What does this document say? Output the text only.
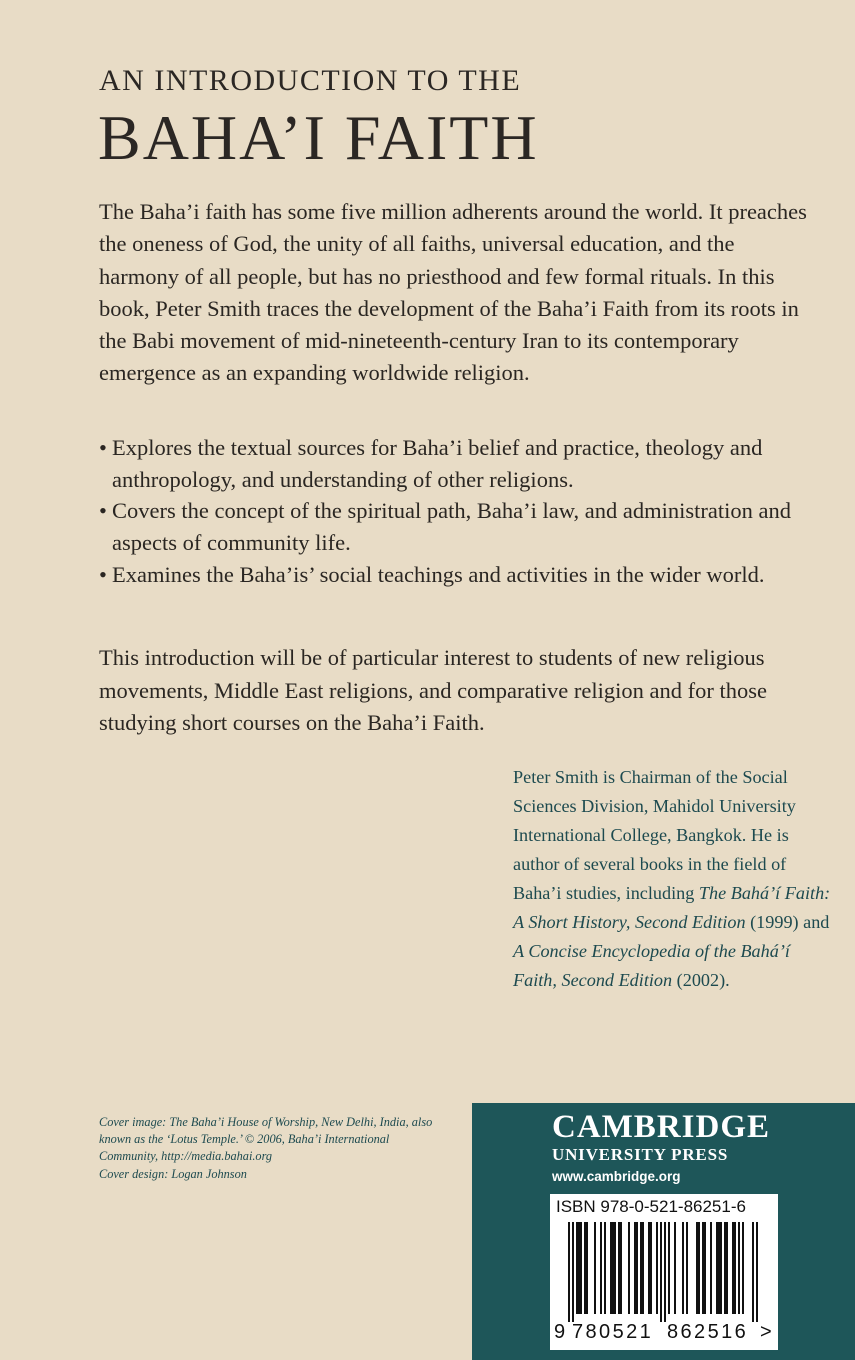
AN INTRODUCTION TO THE
BAHA’I FAITH

The Baha’i faith has some five million adherents around the world. It preaches the oneness of God, the unity of all faiths, universal education, and the harmony of all people, but has no priesthood and few formal rituals. In this book, Peter Smith traces the development of the Baha’i Faith from its roots in the Babi movement of mid-nineteenth-century Iran to its contemporary emergence as an expanding worldwide religion.

• Explores the textual sources for Baha’i belief and practice, theology and anthropology, and understanding of other religions.
• Covers the concept of the spiritual path, Baha’i law, and administration and aspects of community life.
• Examines the Baha’is’ social teachings and activities in the wider world.

This introduction will be of particular interest to students of new religious movements, Middle East religions, and comparative religion and for those studying short courses on the Baha’i Faith.

Peter Smith is Chairman of the Social Sciences Division, Mahidol University International College, Bangkok. He is author of several books in the field of Baha’i studies, including The Bahá’í Faith: A Short History, Second Edition (1999) and A Concise Encyclopedia of the Bahá’í Faith, Second Edition (2002).

Cover image: The Baha’i House of Worship, New Delhi, India, also known as the ‘Lotus Temple.’ © 2006, Baha’i International Community, http://media.bahai.org
Cover design: Logan Johnson
CAMBRIDGE
UNIVERSITY PRESS
www.cambridge.org
ISBN 978-0-521-86251-6
9 780521 862516 >
